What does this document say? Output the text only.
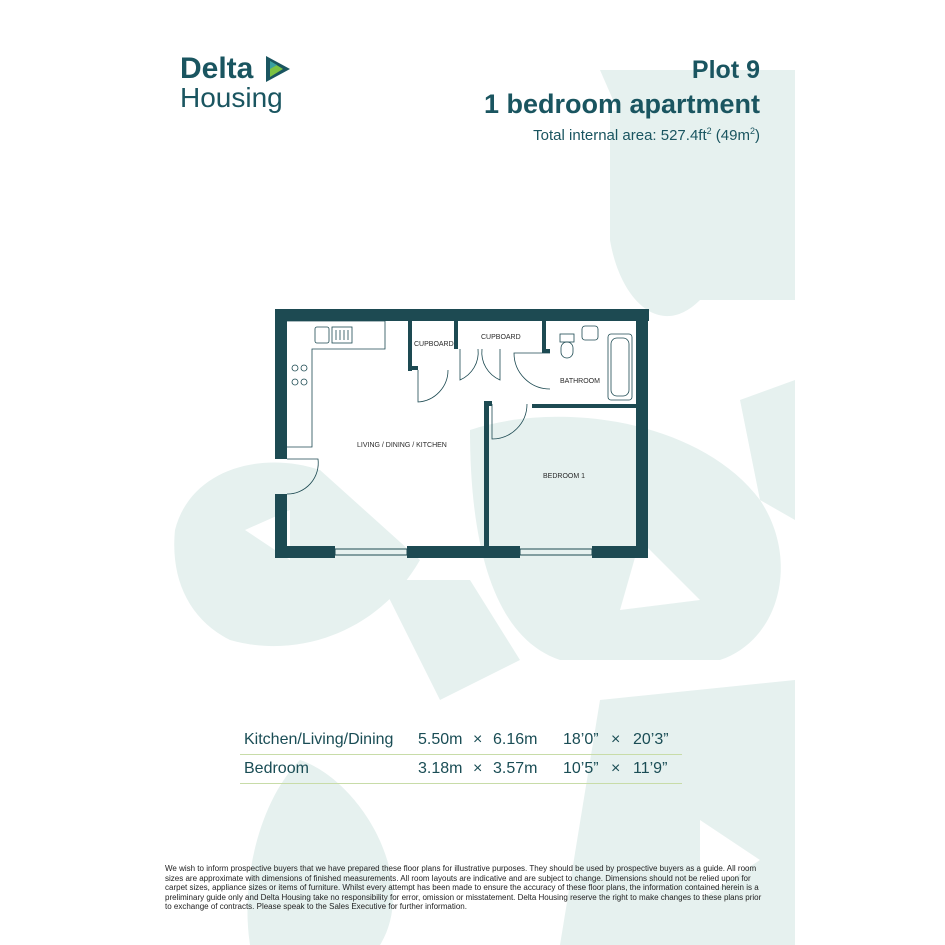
Delta
Housing
Plot 9
1 bedroom apartment
Total internal area: $527.4ft^2$ $(49m^2)$
CUPBOARD
CUPBOARD
BATHROOM
LIVING / DINING / KITCHEN
BEDROOM 1
Kitchen/Living/Dining 5.50m × 6.16m 18’0” × 20’3”
Bedroom	3.18m × 3.57m 10’5” × 11’9”
We wish to inform prospective buyers that we have prepared these floor plans for illustrative purposes. They should be used by prospective buyers as a guide. All room sizes are approximate with dimensions of finished measurements. All room layouts are indicative and are subject to change. Dimensions should not be relied upon for carpet sizes, appliance sizes or items of furniture. Whilst every attempt has been made to ensure the accuracy of these floor plans, the information contained herein is a preliminary guide only and Delta Housing take no responsibility for error, omission or misstatement. Delta Housing reserve the right to make changes to these plans prior to exchange of contracts. Please speak to the Sales Executive for further information.
